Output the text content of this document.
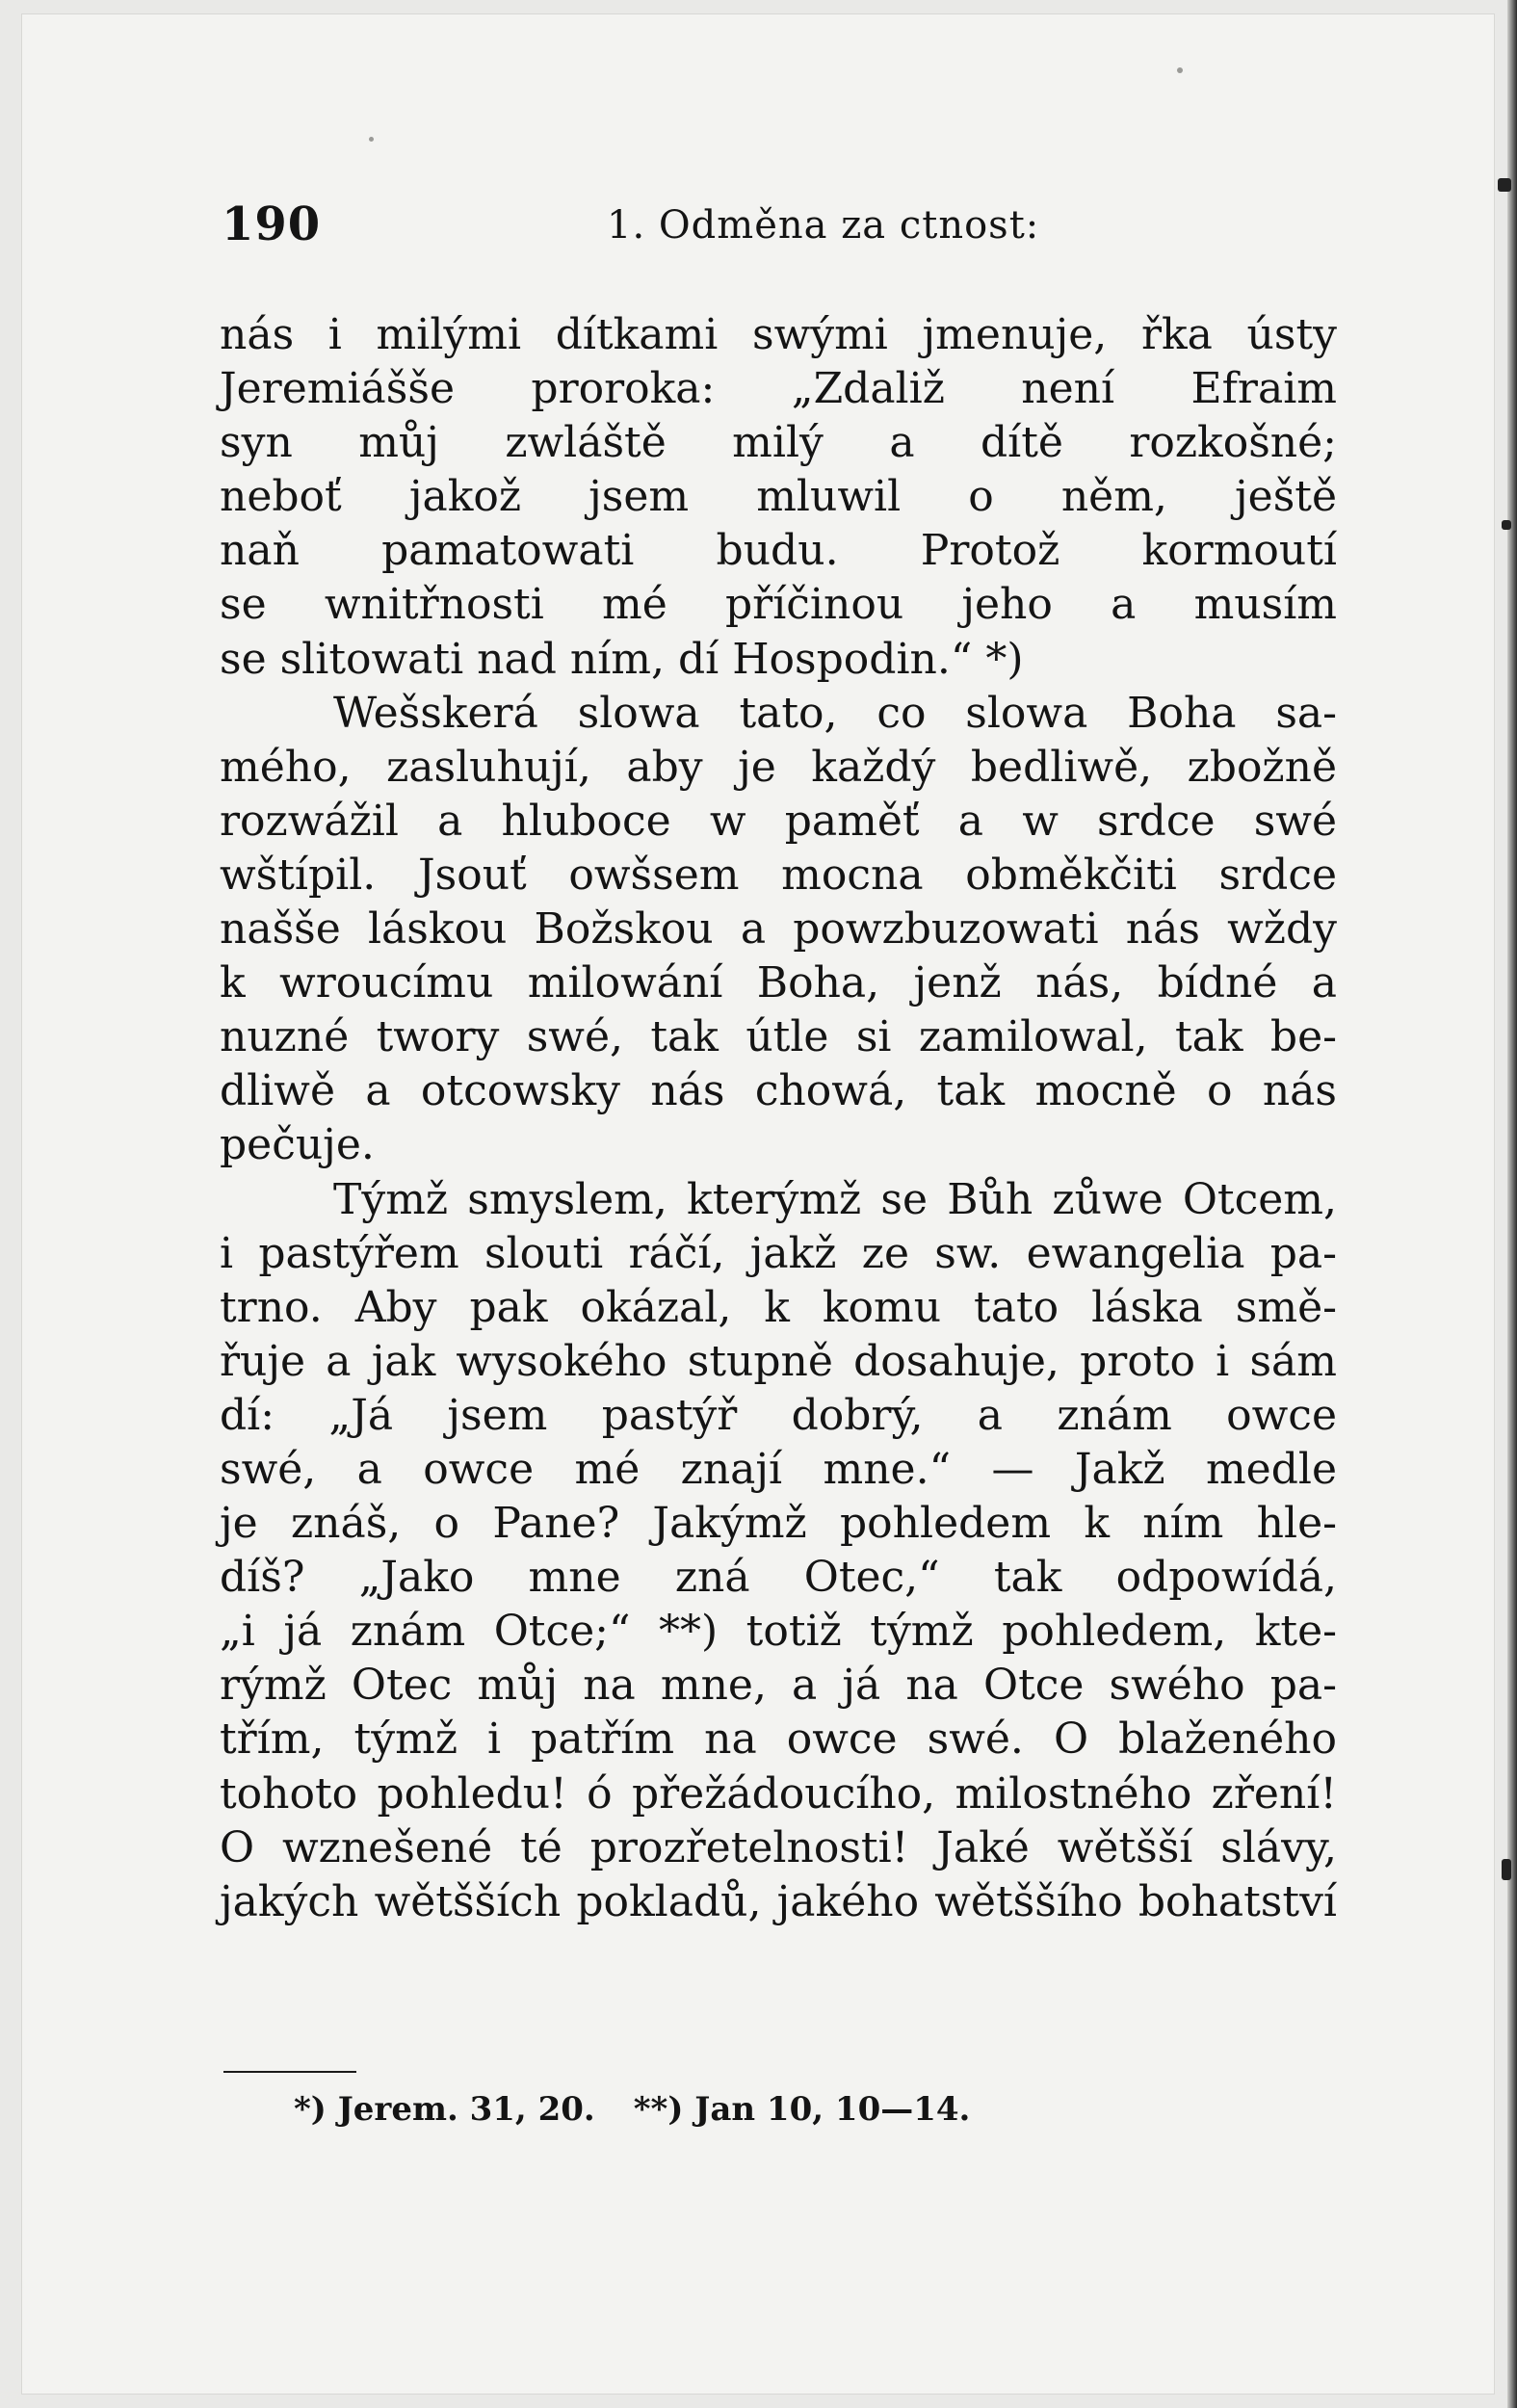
190	1. Odměna za ctnost:
nás i milými dítkami swými jmenuje, řka ústy
Jeremiášše proroka: „Zdaliž není Efraim
syn můj zwláště milý a dítě rozkošné;
neboť jakož jsem mluwil o něm, ještě
naň pamatowati budu. Protož kormoutí
se wnitřnosti mé příčinou jeho a musím
se slitowati nad ním, dí Hospodin.“ *)
Wešskerá slowa tato, co slowa Boha sa-
mého, zasluhují, aby je každý bedliwě, zbožně
rozwážil a hluboce w paměť a w srdce swé
wštípil. Jsouť owšsem mocna obměkčiti srdce
našše láskou Božskou a powzbuzowati nás wždy
k wroucímu milowání Boha, jenž nás, bídné a
nuzné twory swé, tak útle si zamilowal, tak be-
dliwě a otcowsky nás chowá, tak mocně o nás
pečuje.
Týmž smyslem, kterýmž se Bůh zůwe Otcem,
i pastýřem slouti ráčí, jakž ze sw. ewangelia pa-
trno. Aby pak okázal, k komu tato láska smě-
řuje a jak wysokého stupně dosahuje, proto i sám
dí: „Já jsem pastýř dobrý, a znám owce
swé, a owce mé znají mne.“ — Jakž medle
je znáš, o Pane? Jakýmž pohledem k ním hle-
díš? „Jako mne zná Otec,“ tak odpowídá,
„i já znám Otce;“ **) totiž týmž pohledem, kte-
rýmž Otec můj na mne, a já na Otce swého pa-
třím, týmž i patřím na owce swé. O blaženého
tohoto pohledu! ó přežádoucího, milostného zření!
O wznešené té prozřetelnosti! Jaké wětšší slávy,
jakých wětšších pokladů, jakého wětššího bohatství
*) Jerem. 31, 20. **) Jan 10, 10—14.
